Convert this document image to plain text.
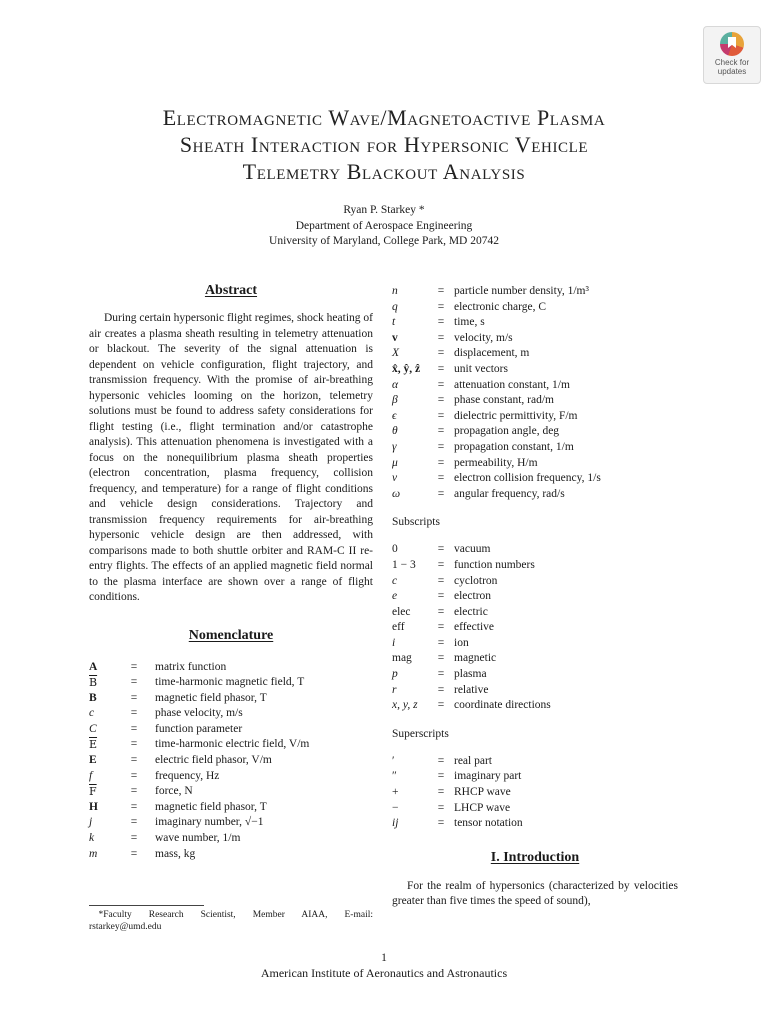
Check for
updates
Electromagnetic Wave/Magnetoactive Plasma
Sheath Interaction for Hypersonic Vehicle
Telemetry Blackout Analysis
Ryan P. Starkey *
Department of Aerospace Engineering
University of Maryland, College Park, MD 20742
Abstract

During certain hypersonic flight regimes, shock heating of air creates a plasma sheath resulting in telemetry attenuation or blackout. The severity of the signal attenuation is dependent on vehicle configuration, flight trajectory, and transmission frequency. With the promise of air-breathing hypersonic vehicles looming on the horizon, telemetry solutions must be found to address safety considerations for flight testing (i.e., flight termination and/or catastrophe analysis). This attenuation phenomena is investigated with a focus on the nonequilibrium plasma sheath properties (electron concentration, plasma frequency, collision frequency, and temperature) for a range of flight conditions and vehicle design considerations. Trajectory and transmission frequency requirements for air-breathing hypersonic vehicle design are then addressed, with comparisons made to both shuttle orbiter and RAM-C II re-entry flights. The effects of an applied magnetic field normal to the plasma interface are shown over a range of flight conditions.

Nomenclature
A	=	matrix function
$\overline{B}$	=	time-harmonic magnetic field, T
B	=	magnetic field phasor, T
c	=	phase velocity, m/s
C	=	function parameter
$\overline{E}$	=	time-harmonic electric field, V/m
E	=	electric field phasor, V/m
f	=	frequency, Hz
$\overline{F}$	=	force, N
H	=	magnetic field phasor, T
j	=	imaginary number, √−1
k	=	wave number, 1/m
m	=	mass, kg
n	= particle number density, 1/m³
q	= electronic charge, C
t	= time, s
v	= velocity, m/s
X	= displacement, m
x̂, ŷ, ẑ	= unit vectors
α	= attenuation constant, 1/m
β	= phase constant, rad/m
ϵ	= dielectric permittivity, F/m
θ	= propagation angle, deg
γ	= propagation constant, 1/m
μ	= permeability, H/m
ν	= electron collision frequency, 1/s
ω	= angular frequency, rad/s
Subscripts
0	= vacuum
1 − 3	= function numbers
c	= cyclotron
e	= electron
elec	= electric
eff	= effective
i	= ion
mag	= magnetic
p	= plasma
r	= relative
x, y, z	= coordinate directions
Superscripts
′	= real part
″	= imaginary part
+	= RHCP wave
−	= LHCP wave
ij	= tensor notation
I. Introduction

For the realm of hypersonics (characterized by velocities greater than five times the speed of sound),

*Faculty Research Scientist, Member AIAA, E-mail: rstarkey@umd.edu
1
American Institute of Aeronautics and Astronautics
